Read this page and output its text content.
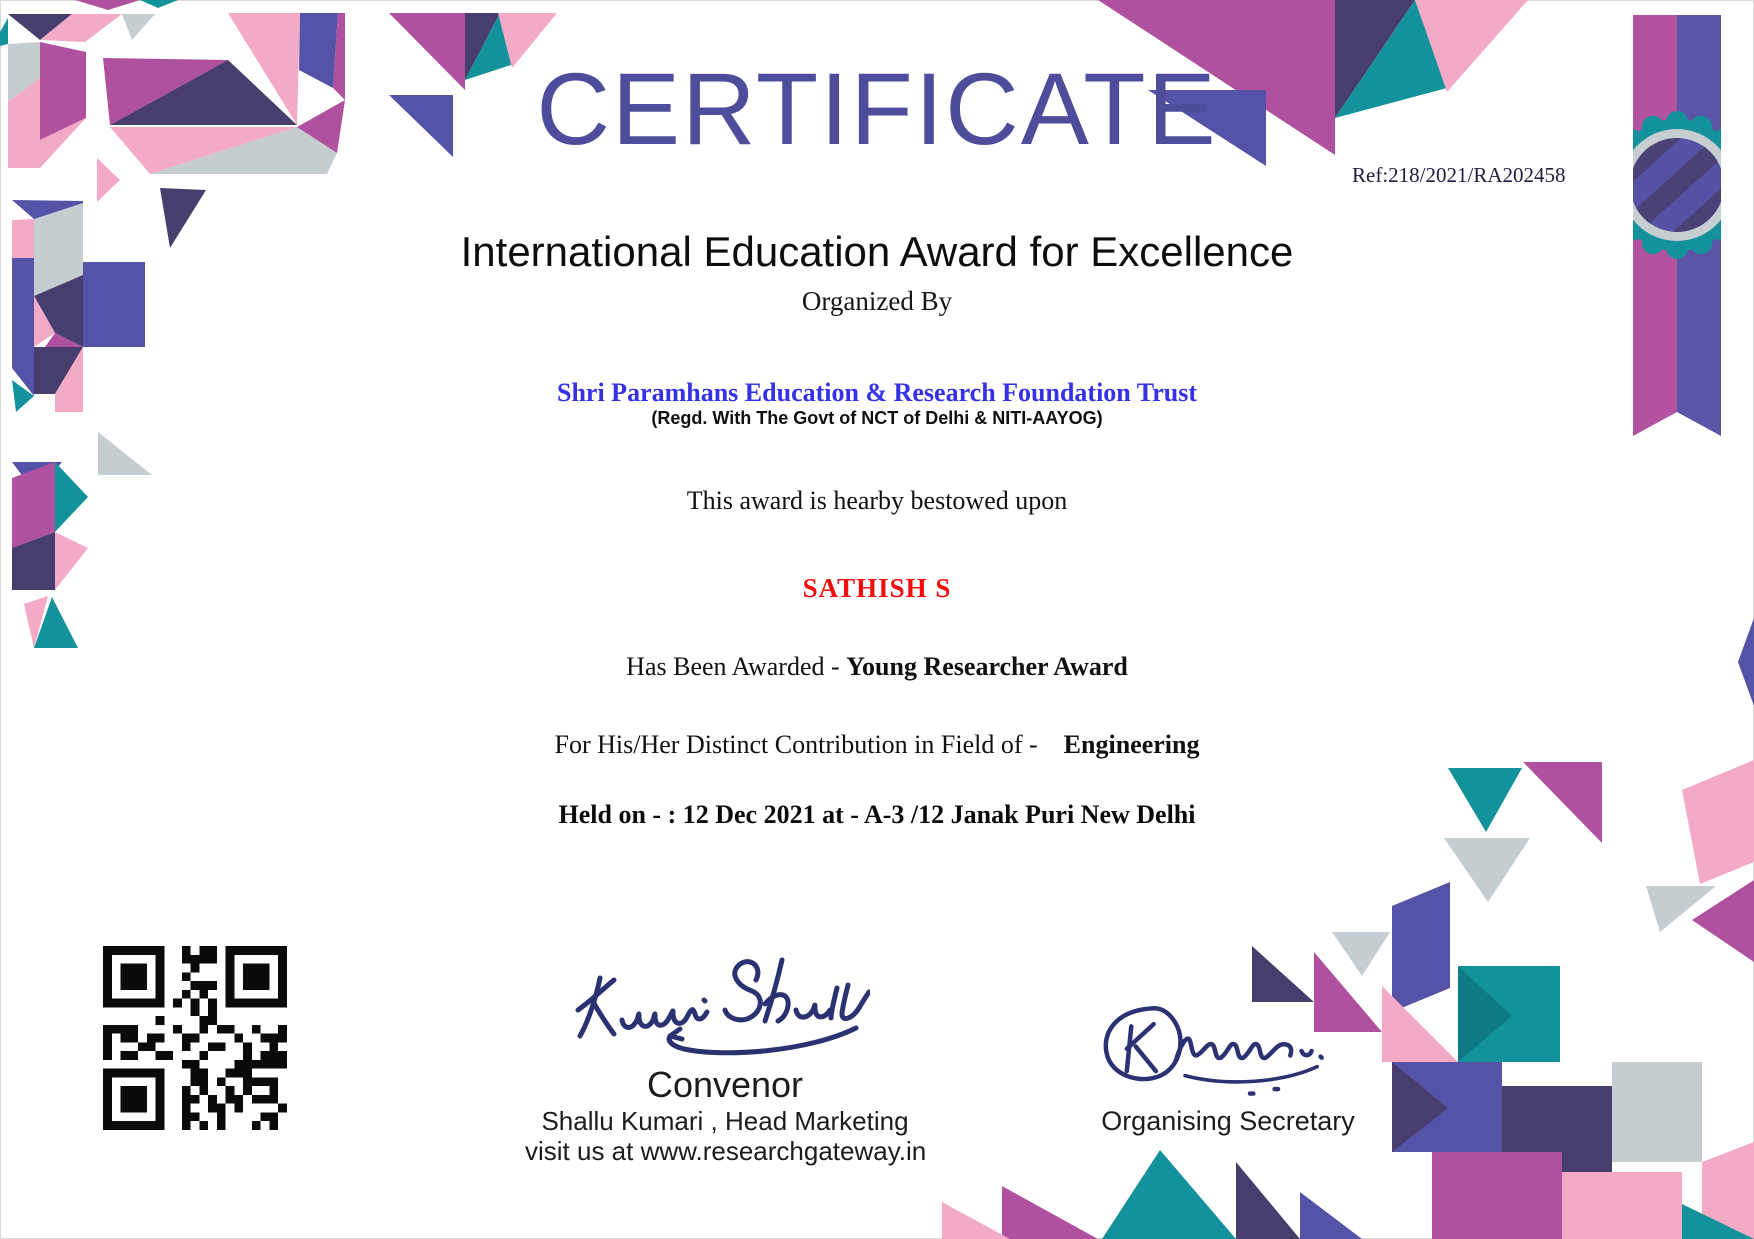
CERTIFICATE
Ref:218/2021/RA202458
International Education Award for Excellence
Organized By
Shri Paramhans Education & Research Foundation Trust
(Regd. With The Govt of NCT of Delhi & NITI-AAYOG)
This award is hearby bestowed upon
SATHISH S
Has Been Awarded - Young Researcher Award
For His/Her Distinct Contribution in Field of - Engineering
Held on - : 12 Dec 2021 at - A-3 /12 Janak Puri New Delhi
Convenor
Shallu Kumari , Head Marketing
visit us at www.researchgateway.in
Organising Secretary
